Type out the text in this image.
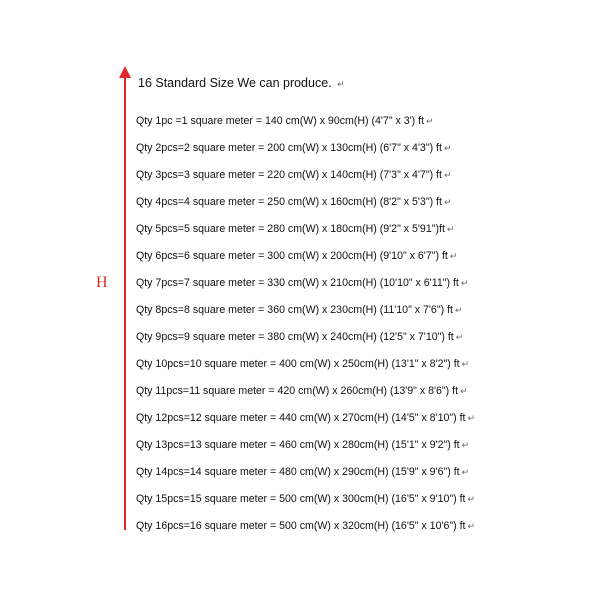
H
16 Standard Size We can produce. ↵
Qty 1pc =1 square meter = 140 cm(W) x 90cm(H) (4'7" x 3') ft ↵
Qty 2pcs=2 square meter = 200 cm(W) x 130cm(H) (6'7" x 4'3") ft ↵
Qty 3pcs=3 square meter = 220 cm(W) x 140cm(H) (7'3" x 4'7") ft ↵
Qty 4pcs=4 square meter = 250 cm(W) x 160cm(H) (8'2" x 5'3") ft ↵
Qty 5pcs=5 square meter = 280 cm(W) x 180cm(H) (9'2" x 5'91")ft ↵
Qty 6pcs=6 square meter = 300 cm(W) x 200cm(H) (9'10" x 6'7") ft ↵
Qty 7pcs=7 square meter = 330 cm(W) x 210cm(H) (10'10" x 6'11") ft ↵
Qty 8pcs=8 square meter = 360 cm(W) x 230cm(H) (11'10" x 7'6") ft ↵
Qty 9pcs=9 square meter = 380 cm(W) x 240cm(H) (12'5" x 7'10") ft ↵
Qty 10pcs=10 square meter = 400 cm(W) x 250cm(H) (13'1" x 8'2") ft ↵
Qty 11pcs=11 square meter = 420 cm(W) x 260cm(H) (13'9" x 8'6") ft ↵
Qty 12pcs=12 square meter = 440 cm(W) x 270cm(H) (14'5" x 8'10") ft ↵
Qty 13pcs=13 square meter = 460 cm(W) x 280cm(H) (15'1" x 9'2") ft ↵
Qty 14pcs=14 square meter = 480 cm(W) x 290cm(H) (15'9" x 9'6") ft ↵
Qty 15pcs=15 square meter = 500 cm(W) x 300cm(H) (16'5" x 9'10") ft ↵
Qty 16pcs=16 square meter = 500 cm(W) x 320cm(H) (16'5" x 10'6") ft ↵
